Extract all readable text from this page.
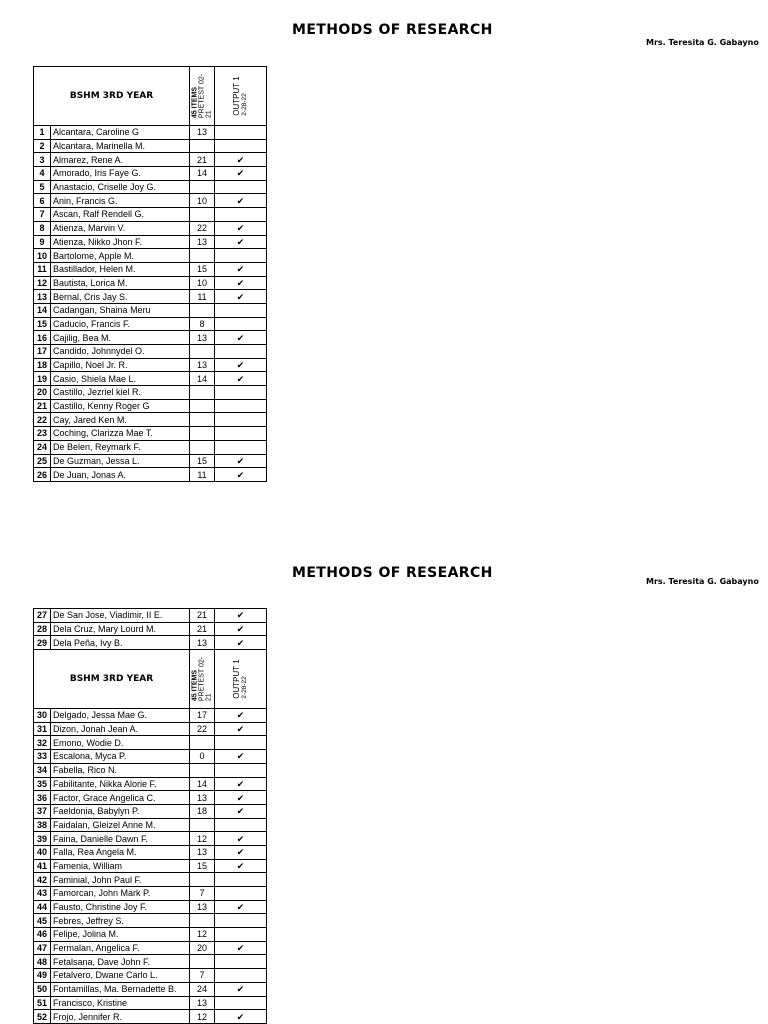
METHODS OF RESEARCH
Mrs. Teresita G. Gabayno
BSHM 3RD YEAR		45 ITEMS PRETEST 02- 21	OUTPUT 1 2-28-22

1	Alcantara, Caroline G	13	
2	Alcantara, Marinella M.		
3	Almarez, Rene A.	21	✔
4	Amorado, Iris Faye G.	14	✔
5	Anastacio, Criselle Joy G.		
6	Anin, Francis G.	10	✔
7	Ascan, Ralf Rendell G.		
8	Atienza, Marvin V.	22	✔
9	Atienza, Nikko Jhon F.	13	✔
10	Bartolome, Apple M.		
11	Bastillador, Helen M.	15	✔
12	Bautista, Lorica M.	10	✔
13	Bernal, Cris Jay S.	11	✔
14	Cadangan, Shaina Meru		
15	Caducio, Francis F.	8	
16	Cajilig, Bea M.	13	✔
17	Candido, Johnnydel O.		
18	Capillo, Noel Jr. R.	13	✔
19	Casio, Shiela Mae L.	14	✔
20	Castillo, Jezriel kiel R.		
21	Castillo, Kenny Roger G		
22	Cay, Jared Ken M.		
23	Coching, Clarizza Mae T.		
24	De Belen, Reymark F.		
25	De Guzman, Jessa L.	15	✔
26	De Juan, Jonas A.	11	✔
METHODS OF RESEARCH
Mrs. Teresita G. Gabayno
27	De San Jose, Viadimir, II E.	21	✔
28	Dela Cruz, Mary Lourd M.	21	✔
29	Dela Peña, Ivy B.	13	✔
BSHM 3RD YEAR		45 ITEMS PRETEST 02- 21	OUTPUT 1 2-28-22

30	Delgado, Jessa Mae G.	17	✔
31	Dizon, Jonah Jean A.	22	✔
32	Emono, Wodie D.		
33	Escalona, Myca P.	0	✔
34	Fabella, Rico N.		
35	Fabilitante, Nikka Alorie F.	14	✔
36	Factor, Grace Angelica C.	13	✔
37	Faeldonia, Babylyn P.	18	✔
38	Faidalan, Gleizel Anne M.		
39	Faina, Danielle Dawn F.	12	✔
40	Falla, Rea Angela M.	13	✔
41	Famenia, William	15	✔
42	Faminial, John Paul F.		
43	Famorcan, John Mark P.	7	
44	Fausto, Christine Joy F.	13	✔
45	Febres, Jeffrey S.		
46	Felipe, Jolina M.	12	
47	Fermalan, Angelica F.	20	✔
48	Fetalsana, Dave John F.		
49	Fetalvero, Dwane Carlo L.	7	
50	Fontamillas, Ma. Bernadette B.	24	✔
51	Francisco, Kristine	13	
52	Frojo, Jennifer R.	12	✔
